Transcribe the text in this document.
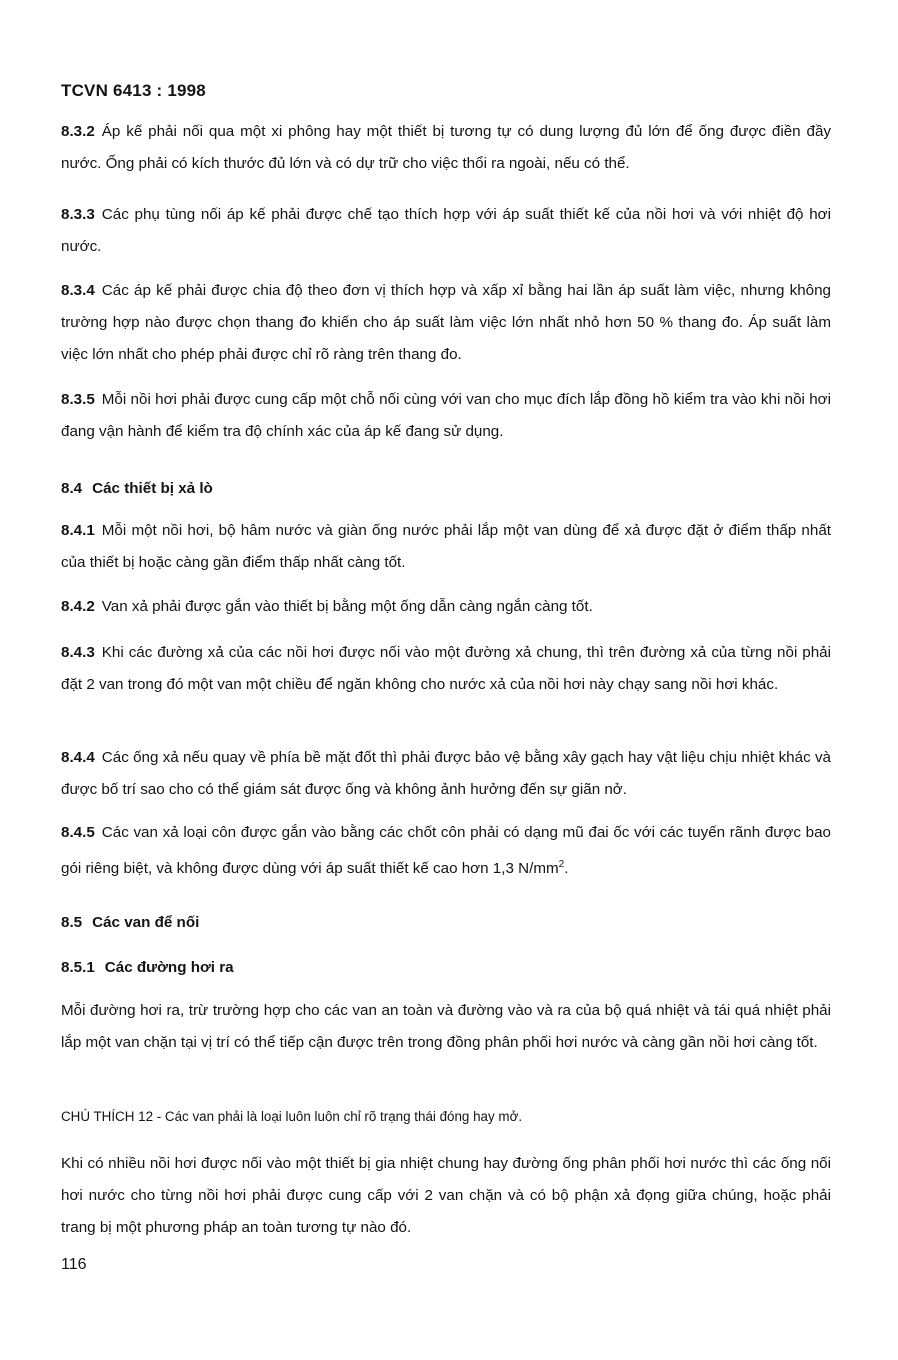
TCVN 6413 : 1998
8.3.2 Áp kế phải nối qua một xi phông hay một thiết bị tương tự có dung lượng đủ lớn để ống được điền đầy nước. Ống phải có kích thước đủ lớn và có dự trữ cho việc thổi ra ngoài, nếu có thể.
8.3.3 Các phụ tùng nối áp kế phải được chế tạo thích hợp với áp suất thiết kế của nồi hơi và với nhiệt độ hơi nước.
8.3.4 Các áp kế phải được chia độ theo đơn vị thích hợp và xấp xỉ bằng hai lần áp suất làm việc, nhưng không trường hợp nào được chọn thang đo khiến cho áp suất làm việc lớn nhất nhỏ hơn 50 % thang đo. Áp suất làm việc lớn nhất cho phép phải được chỉ rõ ràng trên thang đo.
8.3.5 Mỗi nồi hơi phải được cung cấp một chỗ nối cùng với van cho mục đích lắp đồng hồ kiểm tra vào khi nồi hơi đang vận hành để kiểm tra độ chính xác của áp kế đang sử dụng.
8.4 Các thiết bị xả lò
8.4.1 Mỗi một nồi hơi, bộ hâm nước và giàn ống nước phải lắp một van dùng để xả được đặt ở điểm thấp nhất của thiết bị hoặc càng gần điểm thấp nhất càng tốt.
8.4.2 Van xả phải được gắn vào thiết bị bằng một ống dẫn càng ngắn càng tốt.
8.4.3 Khi các đường xả của các nồi hơi được nối vào một đường xả chung, thì trên đường xả của từng nồi phải đặt 2 van trong đó một van một chiều để ngăn không cho nước xả của nồi hơi này chạy sang nồi hơi khác.
8.4.4 Các ống xả nếu quay về phía bề mặt đốt thì phải được bảo vệ bằng xây gạch hay vật liệu chịu nhiệt khác và được bố trí sao cho có thể giám sát được ống và không ảnh hưởng đến sự giãn nở.
8.4.5 Các van xả loại côn được gắn vào bằng các chốt côn phải có dạng mũ đai ốc với các tuyến rãnh được bao gói riêng biệt, và không được dùng với áp suất thiết kế cao hơn 1,3 $N/mm^2$.
8.5 Các van để nối
8.5.1 Các đường hơi ra
Mỗi đường hơi ra, trừ trường hợp cho các van an toàn và đường vào và ra của bộ quá nhiệt và tái quá nhiệt phải lắp một van chặn tại vị trí có thể tiếp cận được trên trong đồng phân phối hơi nước và càng gần nồi hơi càng tốt.
CHÚ THÍCH 12 - Các van phải là loại luôn luôn chỉ rõ trạng thái đóng hay mở.
Khi có nhiều nồi hơi được nối vào một thiết bị gia nhiệt chung hay đường ống phân phối hơi nước thì các ống nối hơi nước cho từng nồi hơi phải được cung cấp với 2 van chặn và có bộ phận xả đọng giữa chúng, hoặc phải trang bị một phương pháp an toàn tương tự nào đó.
116
